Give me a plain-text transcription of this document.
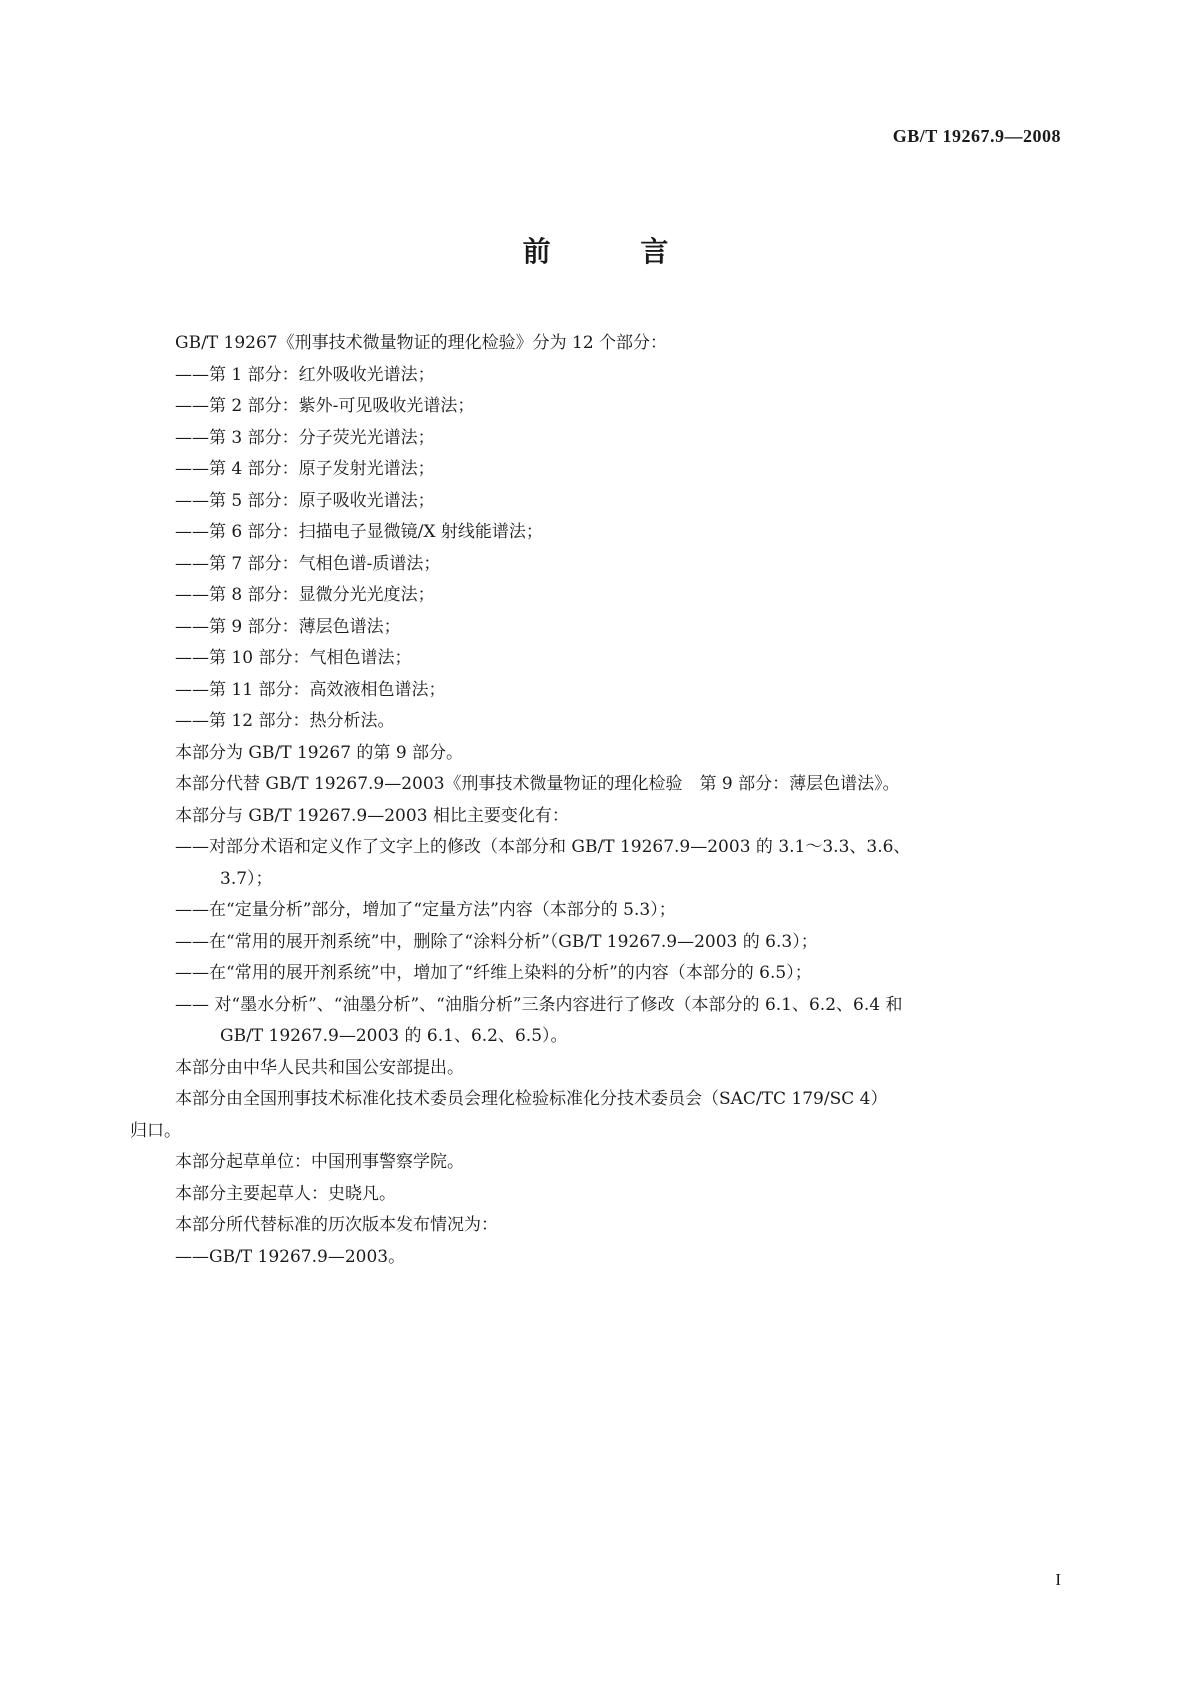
GB/T 19267.9—2008
前 言
GB/T 19267《刑事技术微量物证的理化检验》分为 12 个部分：
——第 1 部分：红外吸收光谱法；
——第 2 部分：紫外-可见吸收光谱法；
——第 3 部分：分子荧光光谱法；
——第 4 部分：原子发射光谱法；
——第 5 部分：原子吸收光谱法；
——第 6 部分：扫描电子显微镜/X 射线能谱法；
——第 7 部分：气相色谱-质谱法；
——第 8 部分：显微分光光度法；
——第 9 部分：薄层色谱法；
——第 10 部分：气相色谱法；
——第 11 部分：高效液相色谱法；
——第 12 部分：热分析法。
本部分为 GB/T 19267 的第 9 部分。
本部分代替 GB/T 19267.9—2003《刑事技术微量物证的理化检验　第 9 部分：薄层色谱法》。
本部分与 GB/T 19267.9—2003 相比主要变化有：
——对部分术语和定义作了文字上的修改（本部分和 GB/T 19267.9—2003 的 3.1～3.3、3.6、
3.7）；
——在“定量分析”部分，增加了“定量方法”内容（本部分的 5.3）；
——在“常用的展开剂系统”中，删除了“涂料分析”（GB/T 19267.9—2003 的 6.3）；
——在“常用的展开剂系统”中，增加了“纤维上染料的分析”的内容（本部分的 6.5）；
—— 对“墨水分析”、“油墨分析”、“油脂分析”三条内容进行了修改（本部分的 6.1、6.2、6.4 和
GB/T 19267.9—2003 的 6.1、6.2、6.5）。
本部分由中华人民共和国公安部提出。
本部分由全国刑事技术标准化技术委员会理化检验标准化分技术委员会（SAC/TC 179/SC 4）
归口。
本部分起草单位：中国刑事警察学院。
本部分主要起草人：史晓凡。
本部分所代替标准的历次版本发布情况为：
——GB/T 19267.9—2003。
I
